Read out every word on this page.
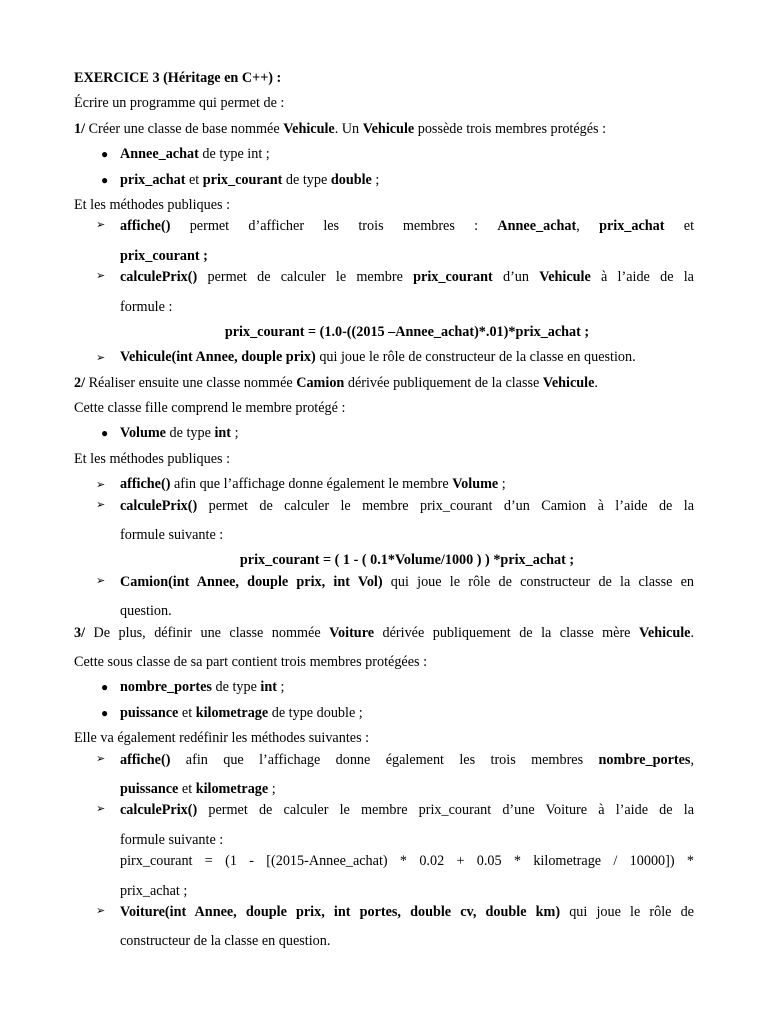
EXERCICE 3 (Héritage en C++) :
Écrire un programme qui permet de :
1/ Créer une classe de base nommée Vehicule. Un Vehicule possède trois membres protégés :
● Annee_achat de type int ;
● prix_achat et prix_courant de type double ;
Et les méthodes publiques :
➢ affiche() permet d’afficher les trois membres : Annee_achat, prix_achat et
prix_courant ;
➢ calculePrix() permet de calculer le membre prix_courant d’un Vehicule à l’aide de la
formule :
prix_courant = (1.0-((2015 –Annee_achat)*.01)*prix_achat ;
➢ Vehicule(int Annee, douple prix) qui joue le rôle de constructeur de la classe en question.
2/ Réaliser ensuite une classe nommée Camion dérivée publiquement de la classe Vehicule.
Cette classe fille comprend le membre protégé :
● Volume de type int ;
Et les méthodes publiques :
➢ affiche() afin que l’affichage donne également le membre Volume ;
➢ calculePrix() permet de calculer le membre prix_courant d’un Camion à l’aide de la
formule suivante :
prix_courant = ( 1 - ( 0.1*Volume/1000 ) ) *prix_achat ;
➢ Camion(int Annee, douple prix, int Vol) qui joue le rôle de constructeur de la classe en
question.
3/ De plus, définir une classe nommée Voiture dérivée publiquement de la classe mère Vehicule.
Cette sous classe de sa part contient trois membres protégées :
● nombre_portes de type int ;
● puissance et kilometrage de type double ;
Elle va également redéfinir les méthodes suivantes :
➢ affiche() afin que l’affichage donne également les trois membres nombre_portes,
puissance et kilometrage ;
➢ calculePrix() permet de calculer le membre prix_courant d’une Voiture à l’aide de la
formule suivante :
pirx_courant = (1 - [(2015-Annee_achat) * 0.02 + 0.05 * kilometrage / 10000]) *
prix_achat ;
➢ Voiture(int Annee, douple prix, int portes, double cv, double km) qui joue le rôle de
constructeur de la classe en question.
